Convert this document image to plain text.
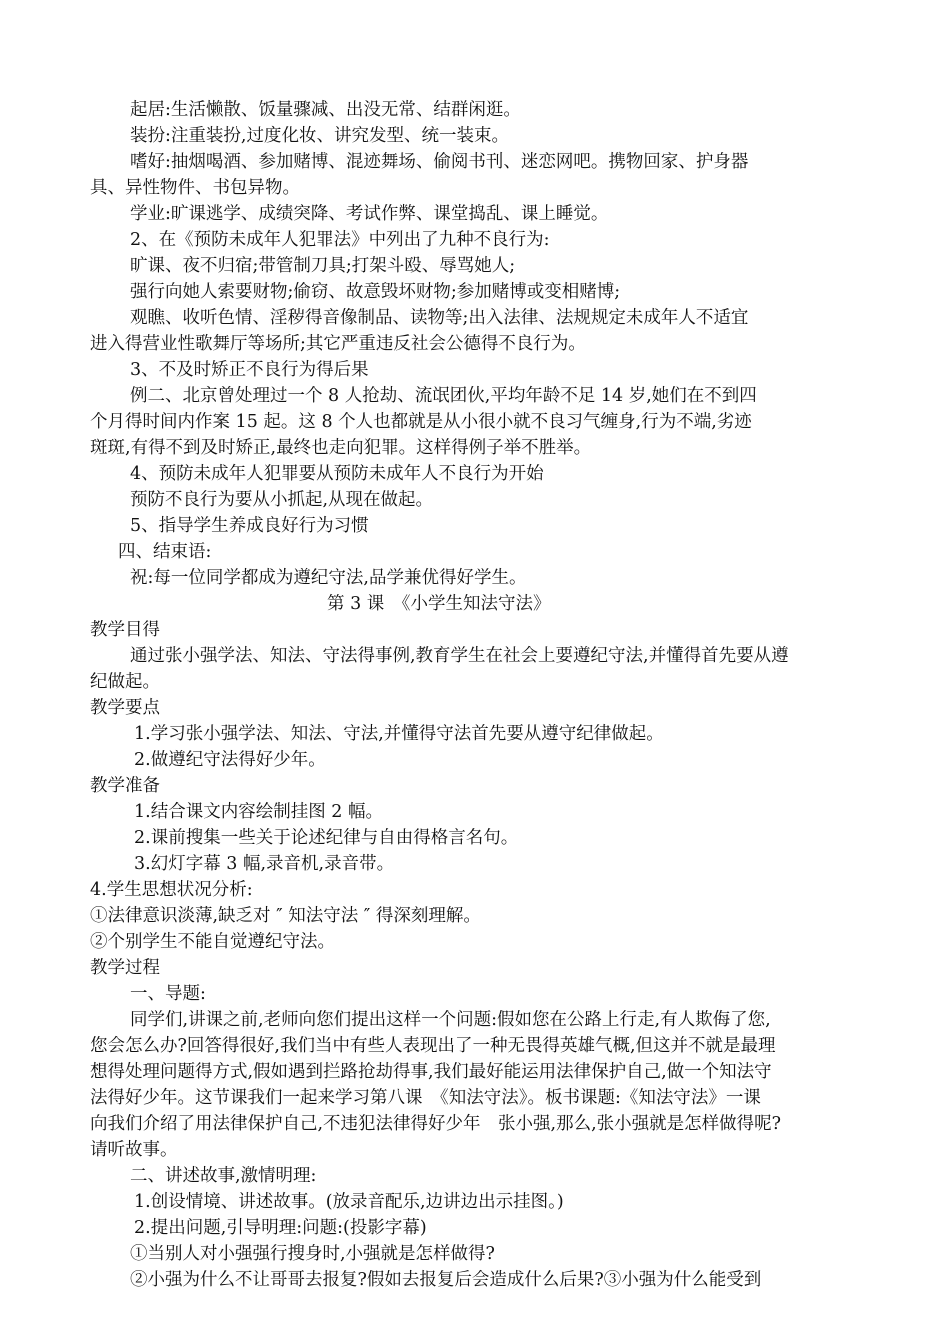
起居:生活懒散、饭量骤减、出没无常、结群闲逛。
装扮:注重装扮,过度化妆、讲究发型、统一装束。
嗜好:抽烟喝酒、参加赌博、混迹舞场、偷阅书刊、迷恋网吧。携物回家、护身器
具、异性物件、书包异物。
学业:旷课逃学、成绩突降、考试作弊、课堂捣乱、课上睡觉。
2、在《预防未成年人犯罪法》中列出了九种不良行为:
旷课、夜不归宿;带管制刀具;打架斗殴、辱骂她人;
强行向她人索要财物;偷窃、故意毁坏财物;参加赌博或变相赌博;
观瞧、收听色情、淫秽得音像制品、读物等;出入法律、法规规定未成年人不适宜
进入得营业性歌舞厅等场所;其它严重违反社会公德得不良行为。
3、不及时矫正不良行为得后果
例二、北京曾处理过一个 8 人抢劫、流氓团伙,平均年龄不足 14 岁,她们在不到四
个月得时间内作案 15 起。这 8 个人也都就是从小很小就不良习气缠身,行为不端,劣迹
斑斑,有得不到及时矫正,最终也走向犯罪。这样得例子举不胜举。
4、预防未成年人犯罪要从预防未成年人不良行为开始
预防不良行为要从小抓起,从现在做起。
5、指导学生养成良好行为习惯
四、结束语:
祝:每一位同学都成为遵纪守法,品学兼优得好学生。
第 3 课　《小学生知法守法》
教学目得
通过张小强学法、知法、守法得事例,教育学生在社会上要遵纪守法,并懂得首先要从遵
纪做起。
教学要点
1.学习张小强学法、知法、守法,并懂得守法首先要从遵守纪律做起。
2.做遵纪守法得好少年。
教学准备
1.结合课文内容绘制挂图 2 幅。
2.课前搜集一些关于论述纪律与自由得格言名句。
3.幻灯字幕 3 幅,录音机,录音带。
4.学生思想状况分析:
①法律意识淡薄,缺乏对 ″ 知法守法 ″ 得深刻理解。
②个别学生不能自觉遵纪守法。
教学过程
一、导题:
同学们,讲课之前,老师向您们提出这样一个问题:假如您在公路上行走,有人欺侮了您,
您会怎么办?回答得很好,我们当中有些人表现出了一种无畏得英雄气概,但这并不就是最理
想得处理问题得方式,假如遇到拦路抢劫得事,我们最好能运用法律保护自己,做一个知法守
法得好少年。这节课我们一起来学习第八课　《知法守法》。板书课题:《知法守法》一课
向我们介绍了用法律保护自己,不违犯法律得好少年　张小强,那么,张小强就是怎样做得呢?
请听故事。
二、讲述故事,激情明理:
1.创设情境、讲述故事。(放录音配乐,边讲边出示挂图。)
2.提出问题,引导明理:问题:(投影字幕)
①当别人对小强强行搜身时,小强就是怎样做得?
②小强为什么不让哥哥去报复?假如去报复后会造成什么后果?③小强为什么能受到
